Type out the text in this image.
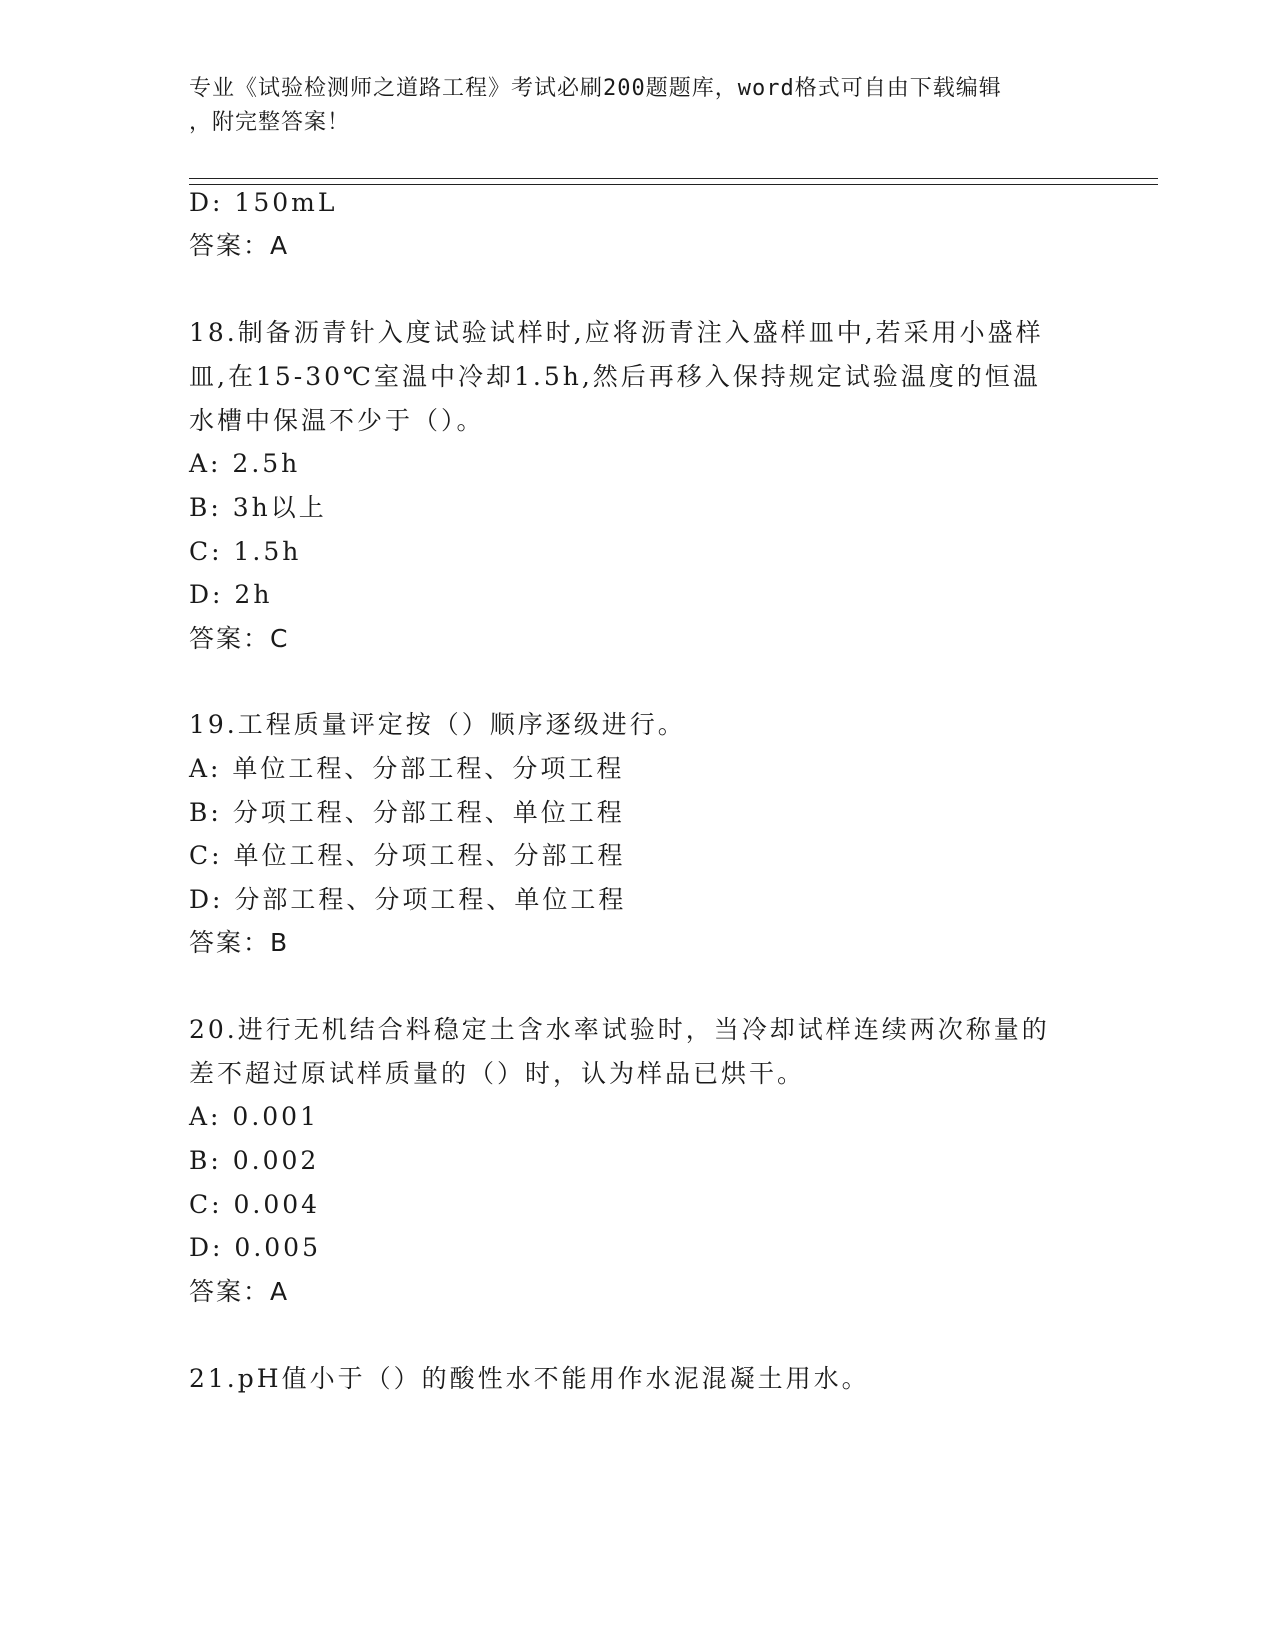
专业《试验检测师之道路工程》考试必刷200题题库，word格式可自由下载编辑
，附完整答案！
D: 150mL
答案：A
18.制备沥青针入度试验试样时,应将沥青注入盛样皿中,若采用小盛样
皿,在15-30℃室温中冷却1.5h,然后再移入保持规定试验温度的恒温
水槽中保温不少于（）。
A: 2.5h
B: 3h以上
C: 1.5h
D: 2h
答案：C
19.工程质量评定按（）顺序逐级进行。
A: 单位工程、分部工程、分项工程
B: 分项工程、分部工程、单位工程
C: 单位工程、分项工程、分部工程
D: 分部工程、分项工程、单位工程
答案：B
20.进行无机结合料稳定土含水率试验时，当冷却试样连续两次称量的
差不超过原试样质量的（）时，认为样品已烘干。
A: 0.001
B: 0.002
C: 0.004
D: 0.005
答案：A
21.pH值小于（）的酸性水不能用作水泥混凝土用水。
